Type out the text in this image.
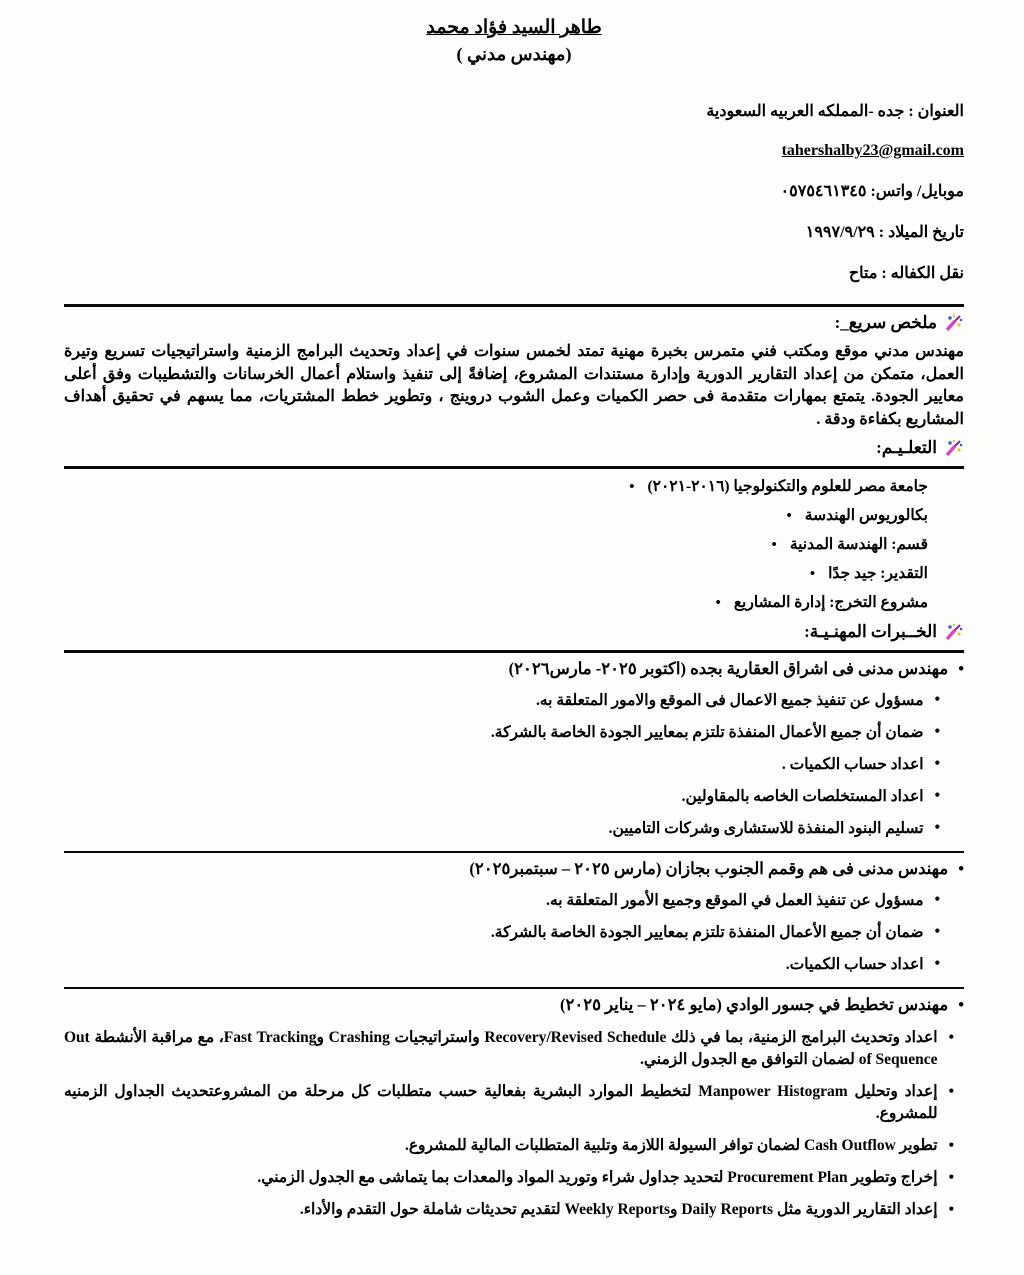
طاهر السيد فؤاد محمد
( مهندس مدني)
العنوان : جده -المملكه العربيه السعودية
tahershalby23@gmail.com
موبايل/ واتس: ٠٥٧٥٤٦١٣٤٥
تاريخ الميلاد : ١٩٩٧/٩/٢٩
نقل الكفاله : متاح
ملخص سريع_:

مهندس مدني موقع ومكتب فني متمرس بخبرة مهنية تمتد لخمس سنوات في إعداد وتحديث البرامج الزمنية واستراتيجيات تسريع وتيرة العمل، متمكن من إعداد التقارير الدورية وإدارة مستندات المشروع، إضافةً إلى تنفيذ واستلام أعمال الخرسانات والتشطيبات وفق أعلى معايير الجودة. يتمتع بمهارات متقدمة فى حصر الكميات وعمل الشوب دروينج ، وتطوير خطط المشتريات، مما يسهم في تحقيق أهداف المشاريع بكفاءة ودقة .

التعلـيـم:
• جامعة مصر للعلوم والتكنولوجيا (٢٠١٦-٢٠٢١)
• بكالوريوس الهندسة
• قسم: الهندسة المدنية
• التقدير: جيد جدًا
• مشروع التخرج: إدارة المشاريع
الخــبرات المهنـيـة:
• مهندس مدنى فى اشراق العقارية بجده (اكتوبر ٢٠٢٥- مارس٢٠٢٦)
• مسؤول عن تنفيذ جميع الاعمال فى الموقع والامور المتعلقة به.
• ضمان أن جميع الأعمال المنفذة تلتزم بمعايير الجودة الخاصة بالشركة.
• اعداد حساب الكميات .
• اعداد المستخلصات الخاصه بالمقاولين.
• تسليم البنود المنفذة للاستشارى وشركات التاميين.
• مهندس مدنى فى هم وقمم الجنوب بجازان (مارس ٢٠٢٥ – سبتمبر٢٠٢٥)
• مسؤول عن تنفيذ العمل في الموقع وجميع الأمور المتعلقة به.
• ضمان أن جميع الأعمال المنفذة تلتزم بمعايير الجودة الخاصة بالشركة.
• اعداد حساب الكميات.
• مهندس تخطيط في جسور الوادي (مايو ٢٠٢٤ – يناير ٢٠٢٥)
• اعداد وتحديث البرامج الزمنية، بما في ذلك Recovery/Revised Schedule واستراتيجيات Crashing وFast Tracking، مع مراقبة الأنشطة Out of Sequence لضمان التوافق مع الجدول الزمني.
• إعداد وتحليل Manpower Histogram لتخطيط الموارد البشرية بفعالية حسب متطلبات كل مرحلة من المشروعتحديث الجداول الزمنيه للمشروع.
• تطوير Cash Outflow لضمان توافر السيولة اللازمة وتلبية المتطلبات المالية للمشروع.
• إخراج وتطوير Procurement Plan لتحديد جداول شراء وتوريد المواد والمعدات بما يتماشى مع الجدول الزمني.
• إعداد التقارير الدورية مثل Daily Reports وWeekly Reports لتقديم تحديثات شاملة حول التقدم والأداء.
